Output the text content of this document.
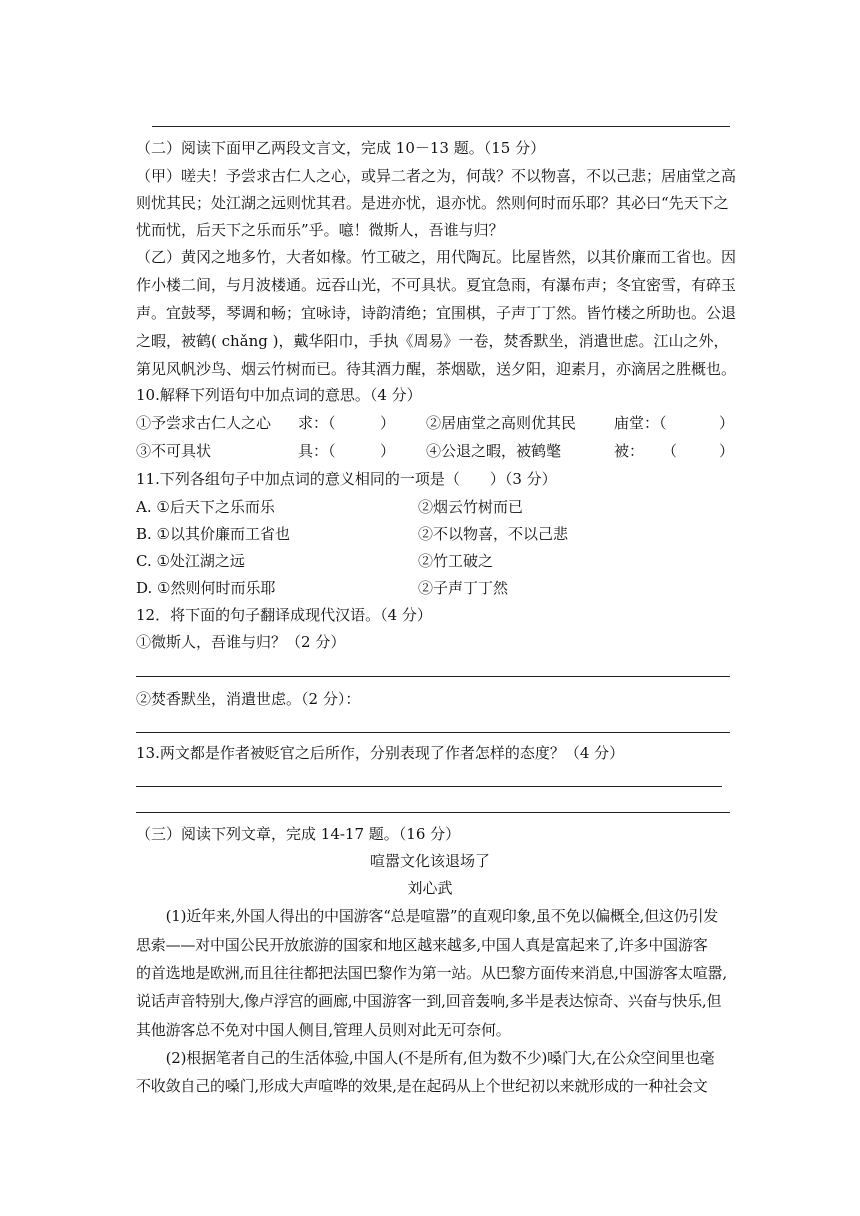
（二）阅读下面甲乙两段文言文，完成 10－13 题。（15 分）
（甲）嗟夫！予尝求古仁人之心，或异二者之为，何哉？不以物喜，不以己悲；居庙堂之高
则忧其民；处江湖之远则忧其君。是进亦忧，退亦忧。然则何时而乐耶？其必曰“先天下之
忧而忧，后天下之乐而乐”乎。噫！微斯人，吾谁与归？
（乙）黄冈之地多竹，大者如椽。竹工破之，用代陶瓦。比屋皆然，以其价廉而工省也。因
作小楼二间，与月波楼通。远吞山光，不可具状。夏宜急雨，有瀑布声；冬宜密雪，有碎玉
声。宜鼓琴，琴调和畅；宜咏诗，诗韵清绝；宜围棋，子声丁丁然。皆竹楼之所助也。公退
之暇，被鹤( chǎng )，戴华阳巾，手执《周易》一卷，焚香默坐，消遣世虑。江山之外，
第见风帆沙鸟、烟云竹树而已。待其酒力醒，茶烟歇，送夕阳，迎素月，亦滴居之胜概也。
10.解释下列语句中加点词的意思。（4 分）
①予尝求古仁人之心 求：（	） ②居庙堂之高则优其民	庙堂：（	）
③不可具状	具：（	） ④公退之暇，被鹤氅	被： （	）
11.下列各组句子中加点词的意义相同的一项是（　　）（3 分）
A. ①后天下之乐而乐	②烟云竹树而已
B. ①以其价廉而工省也	②不以物喜，不以己悲
C. ①处江湖之远	②竹工破之
D. ①然则何时而乐耶	②子声丁丁然
12．将下面的句子翻译成现代汉语。（4 分）
①微斯人，吾谁与归？（2 分）
②焚香默坐，消遣世虑。（2 分）：
13.两文都是作者被贬官之后所作，分别表现了作者怎样的态度？（4 分）
（三）阅读下列文章，完成 14-17 题。（16 分）
喧嚣文化该退场了
刘心武
　　(1)近年来,外国人得出的中国游客“总是喧嚣”的直观印象,虽不免以偏概全,但这仍引发
思索——对中国公民开放旅游的国家和地区越来越多,中国人真是富起来了,许多中国游客
的首选地是欧洲,而且往往都把法国巴黎作为第一站。从巴黎方面传来消息,中国游客太喧嚣,
说话声音特别大,像卢浮宫的画廊,中国游客一到,回音轰响,多半是表达惊奇、兴奋与快乐,但
其他游客总不免对中国人侧目,管理人员则对此无可奈何。
　　(2)根据笔者自己的生活体验,中国人(不是所有,但为数不少)嗓门大,在公众空间里也毫
不收敛自己的嗓门,形成大声喧哗的效果,是在起码从上个世纪初以来就形成的一种社会文
